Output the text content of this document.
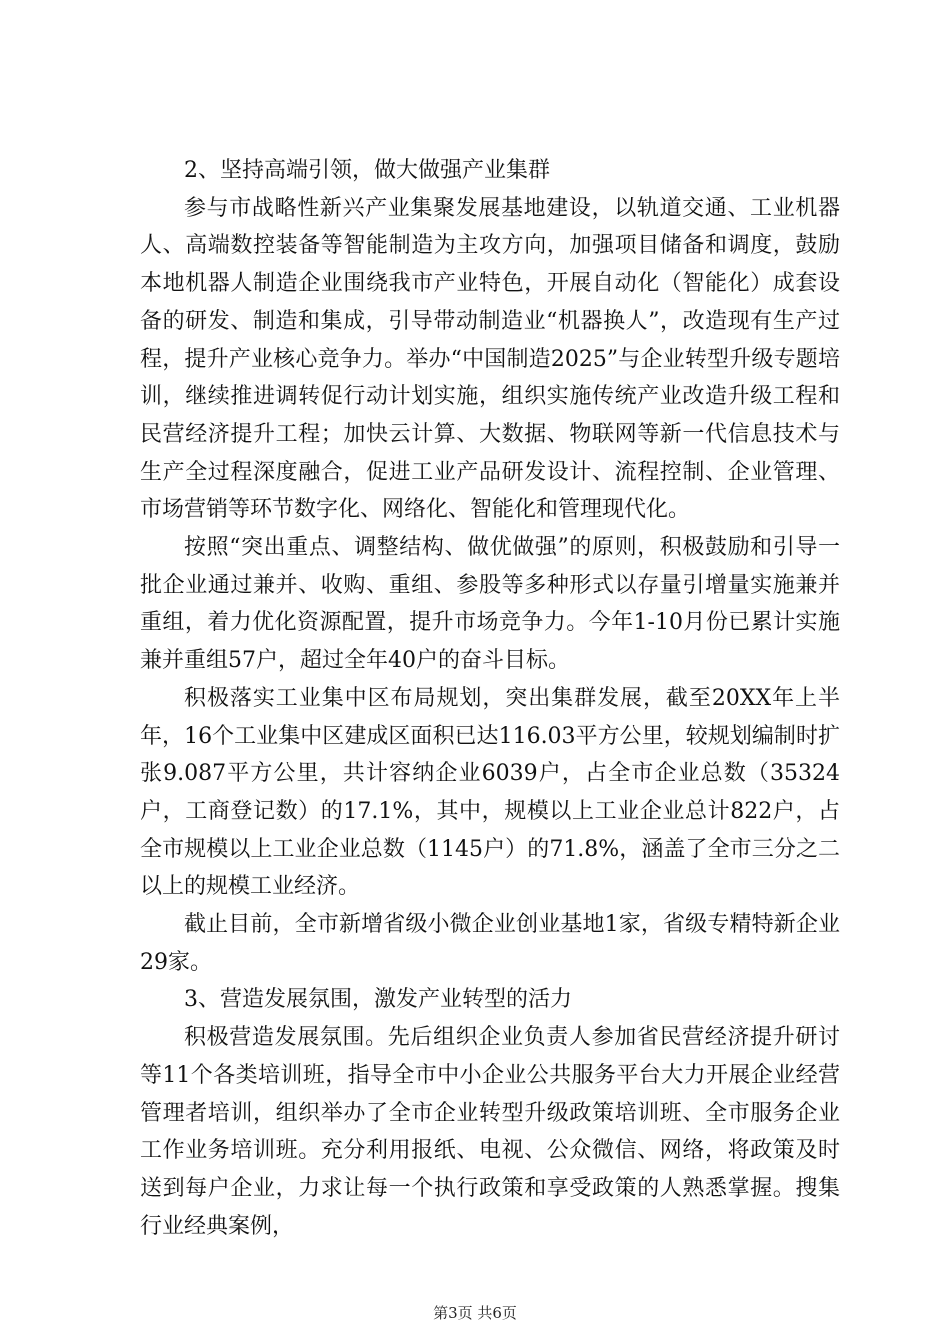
2、坚持高端引领，做大做强产业集群

参与市战略性新兴产业集聚发展基地建设，以轨道交通、工业机器人、高端数控装备等智能制造为主攻方向，加强项目储备和调度，鼓励本地机器人制造企业围绕我市产业特色，开展自动化（智能化）成套设备的研发、制造和集成，引导带动制造业“机器换人”，改造现有生产过程，提升产业核心竞争力。举办“中国制造2025”与企业转型升级专题培训，继续推进调转促行动计划实施，组织实施传统产业改造升级工程和民营经济提升工程；加快云计算、大数据、物联网等新一代信息技术与生产全过程深度融合，促进工业产品研发设计、流程控制、企业管理、市场营销等环节数字化、网络化、智能化和管理现代化。

按照“突出重点、调整结构、做优做强”的原则，积极鼓励和引导一批企业通过兼并、收购、重组、参股等多种形式以存量引增量实施兼并重组，着力优化资源配置，提升市场竞争力。今年1-10月份已累计实施兼并重组57户，超过全年40户的奋斗目标。

积极落实工业集中区布局规划，突出集群发展，截至20XX年上半年，16个工业集中区建成区面积已达116.03平方公里，较规划编制时扩张9.087平方公里，共计容纳企业6039户，占全市企业总数（35324户，工商登记数）的17.1%，其中，规模以上工业企业总计822户，占全市规模以上工业企业总数（1145户）的71.8%，涵盖了全市三分之二以上的规模工业经济。

截止目前，全市新增省级小微企业创业基地1家，省级专精特新企业29家。

3、营造发展氛围，激发产业转型的活力

积极营造发展氛围。先后组织企业负责人参加省民营经济提升研讨等11个各类培训班，指导全市中小企业公共服务平台大力开展企业经营管理者培训，组织举办了全市企业转型升级政策培训班、全市服务企业工作业务培训班。充分利用报纸、电视、公众微信、网络，将政策及时送到每户企业，力求让每一个执行政策和享受政策的人熟悉掌握。搜集行业经典案例，

第3页 共6页
